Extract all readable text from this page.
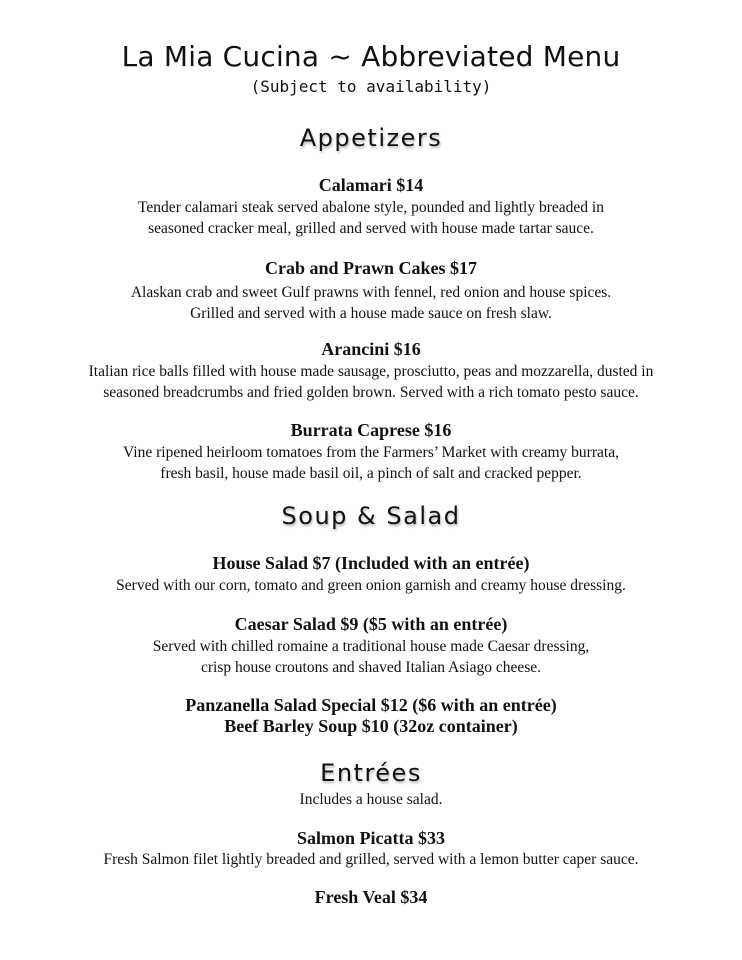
La Mia Cucina ~ Abbreviated Menu
(Subject to availability)
Appetizers
Calamari $14
Tender calamari steak served abalone style, pounded and lightly breaded in
seasoned cracker meal, grilled and served with house made tartar sauce.
Crab and Prawn Cakes $17
Alaskan crab and sweet Gulf prawns with fennel, red onion and house spices.
Grilled and served with a house made sauce on fresh slaw.
Arancini $16
Italian rice balls filled with house made sausage, prosciutto, peas and mozzarella, dusted in
seasoned breadcrumbs and fried golden brown. Served with a rich tomato pesto sauce.
Burrata Caprese $16
Vine ripened heirloom tomatoes from the Farmers’ Market with creamy burrata,
fresh basil, house made basil oil, a pinch of salt and cracked pepper.
Soup & Salad
House Salad $7 (Included with an entrée)
Served with our corn, tomato and green onion garnish and creamy house dressing.
Caesar Salad $9 ($5 with an entrée)
Served with chilled romaine a traditional house made Caesar dressing,
crisp house croutons and shaved Italian Asiago cheese.
Panzanella Salad Special $12 ($6 with an entrée)
Beef Barley Soup $10 (32oz container)
Entrées
Includes a house salad.
Salmon Picatta $33
Fresh Salmon filet lightly breaded and grilled, served with a lemon butter caper sauce.
Fresh Veal $34
